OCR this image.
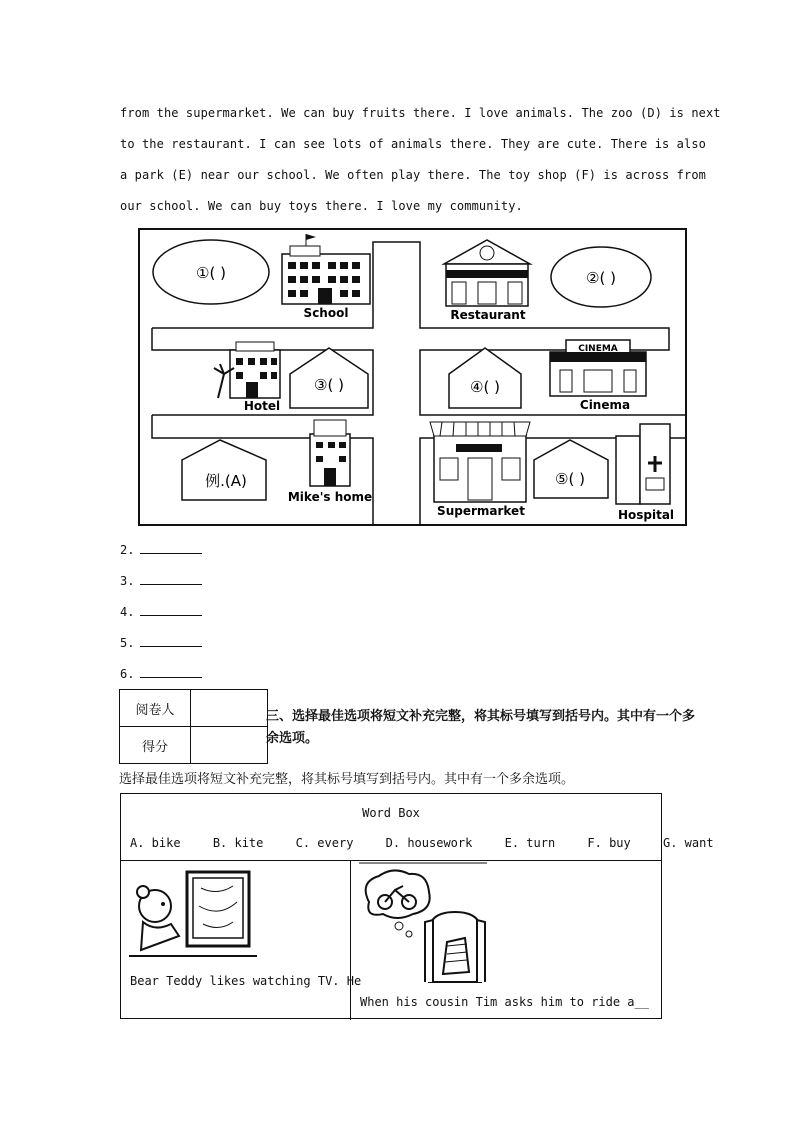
from the supermarket. We can buy fruits there. I love animals. The zoo (D) is next
to the restaurant. I can see lots of animals there. They are cute. There is also
a park (E) near our school. We often play there. The toy shop (F) is across from
our school. We can buy toys there. I love my community.
①( )
School	Restaurant
②( )
Hotel
③( )	④( )
CINEMA
Cinema
例.(A)
Mike's home
Supermarket
⑤( )
Hospital
2.
3.
4.
5.
6.
阅卷人	
得分	
三、选择最佳选项将短文补充完整，将其标号填写到括号内。其中有一个多余选项。
选择最佳选项将短文补充完整，将其标号填写到括号内。其中有一个多余选项。
Word Box
A. bike	B. kite	C. every	D. housework	E. turn	F. buy	G. want
Bear Teddy likes watching TV. He
When his cousin Tim asks him to ride a__
